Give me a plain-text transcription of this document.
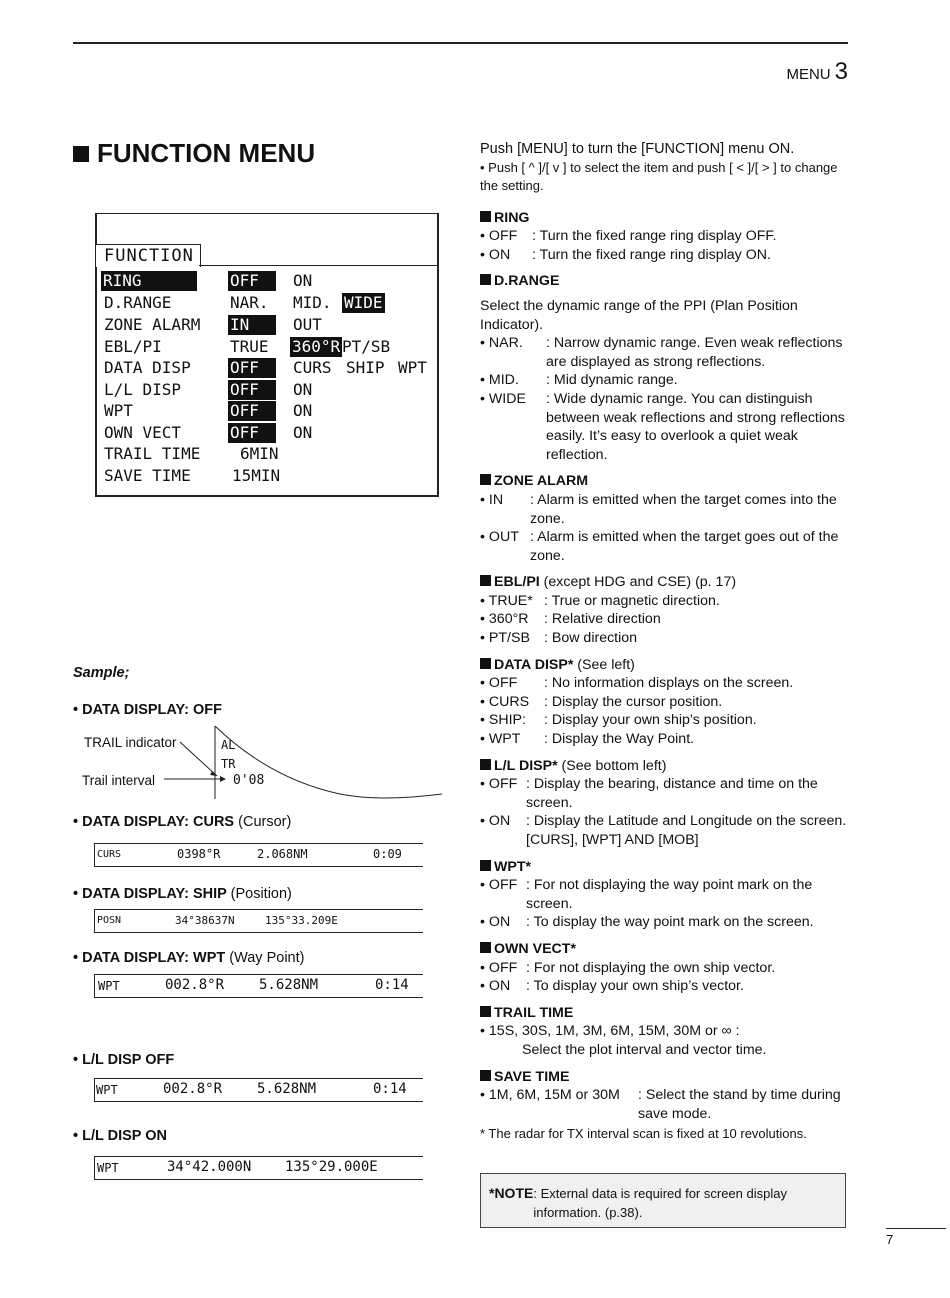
MENU 3
FUNCTION MENU
FUNCTION
RING	OFF	ON
D.RANGE	NAR. MID. WIDE
ZONE ALARM IN	OUT
EBL/PI	TRUE 360°R PT/SB
DATA DISP OFF	CURS SHIP WPT
L/L DISP	OFF	ON
WPT	OFF	ON
OWN VECT	OFF	ON
TRAIL TIME 6MIN
SAVE TIME	15MIN
Sample;
• DATA DISPLAY: OFF
TRAIL indicator
Trail interval
AL
TR
0'08
• DATA DISPLAY: CURS (Cursor)
CURS	0398°R	2.068NM	0:09
• DATA DISPLAY: SHIP (Position)
POSN	34°38637N	135°33.209E
• DATA DISPLAY: WPT (Way Point)
WPT	002.8°R 5.628NM	0:14
• L/L DISP OFF
WPT	002.8°R 5.628NM	0:14
• L/L DISP ON
WPT	34°42.000N 135°29.000E

Push [MENU] to turn the [FUNCTION] menu ON.

• Push [ ^ ]/[ v ] to select the item and push [ < ]/[ > ] to change the setting.

RING

• OFF	: Turn the fixed range ring display OFF.
• ON	: Turn the fixed range ring display ON.

D.RANGE

Select the dynamic range of the PPI (Plan Position Indicator).

• NAR.	: Narrow dynamic range. Even weak reflections are displayed as strong reflections.
• MID.	: Mid dynamic range.
• WIDE	: Wide dynamic range. You can distinguish between weak reflections and strong reflections easily. It’s easy to overlook a quiet weak reflection.

ZONE ALARM

• IN	: Alarm is emitted when the target comes into the zone.
• OUT : Alarm is emitted when the target goes out of the zone.

EBL/PI (except HDG and CSE) (p. 17)

• TRUE* : True or magnetic direction.
• 360°R	: Relative direction
• PT/SB : Bow direction

DATA DISP* (See left)

• OFF	: No information displays on the screen.
• CURS	: Display the cursor position.
• SHIP:	: Display your own ship’s position.
• WPT	: Display the Way Point.

L/L DISP* (See bottom left)

• OFF : Display the bearing, distance and time on the screen.
• ON	: Display the Latitude and Longitude on the screen. [CURS], [WPT] AND [MOB]

WPT*

• OFF : For not displaying the way point mark on the screen.
• ON	: To display the way point mark on the screen.

OWN VECT*

• OFF : For not displaying the own ship vector.
• ON	: To display your own ship’s vector.

TRAIL TIME

• 15S, 30S, 1M, 3M, 6M, 15M, 30M or ∞ :

Select the plot interval and vector time.

SAVE TIME

• 1M, 6M, 15M or 30M	: Select the stand by time during save mode.

* The radar for TX interval scan is fixed at 10 revolutions.

*NOTE : External data is required for screen display information. (p.38).
7
